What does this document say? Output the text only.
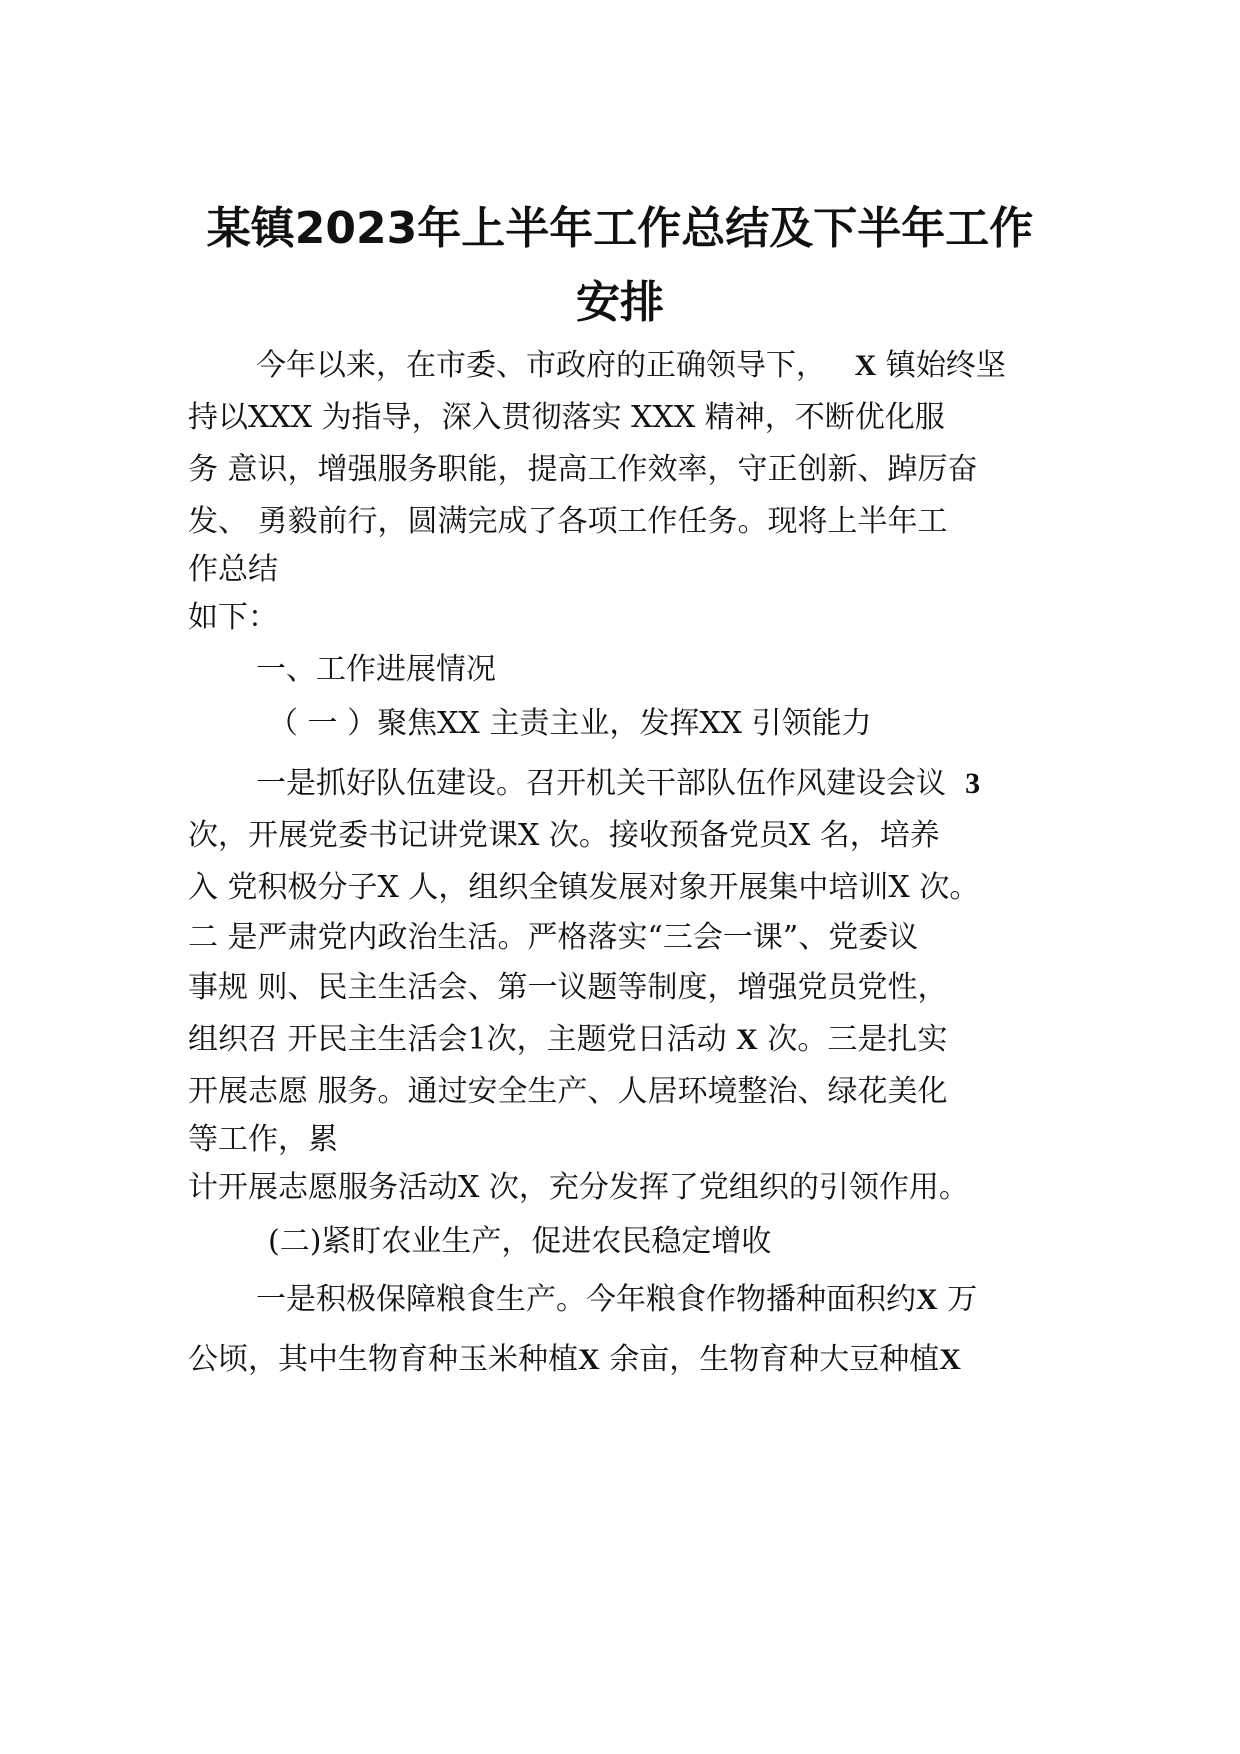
某镇2023年上半年工作总结及下半年工作
安排

今年以来，在市委、市政府的正确领导下， X 镇始终坚

持以XXX 为指导，深入贯彻落实 XXX 精神，不断优化服

务 意识，增强服务职能，提高工作效率，守正创新、踔厉奋

发、 勇毅前行，圆满完成了各项工作任务。现将上半年工

作总结

如下：

一、工作进展情况

（ 一 ）聚焦XX 主责主业，发挥XX 引领能力

一是抓好队伍建设。召开机关干部队伍作风建设会议 3

次，开展党委书记讲党课X 次。接收预备党员X 名，培养

入 党积极分子X 人，组织全镇发展对象开展集中培训X 次。

二 是严肃党内政治生活。严格落实“三会一课”、党委议

事规 则、民主生活会、第一议题等制度，增强党员党性，

组织召 开民主生活会1次，主题党日活动 X 次。三是扎实

开展志愿 服务。通过安全生产、人居环境整治、绿花美化

等工作，累

计开展志愿服务活动X 次，充分发挥了党组织的引领作用。

(二)紧盯农业生产，促进农民稳定增收

一是积极保障粮食生产。今年粮食作物播种面积约X 万

公顷，其中生物育种玉米种植X 余亩，生物育种大豆种植X
